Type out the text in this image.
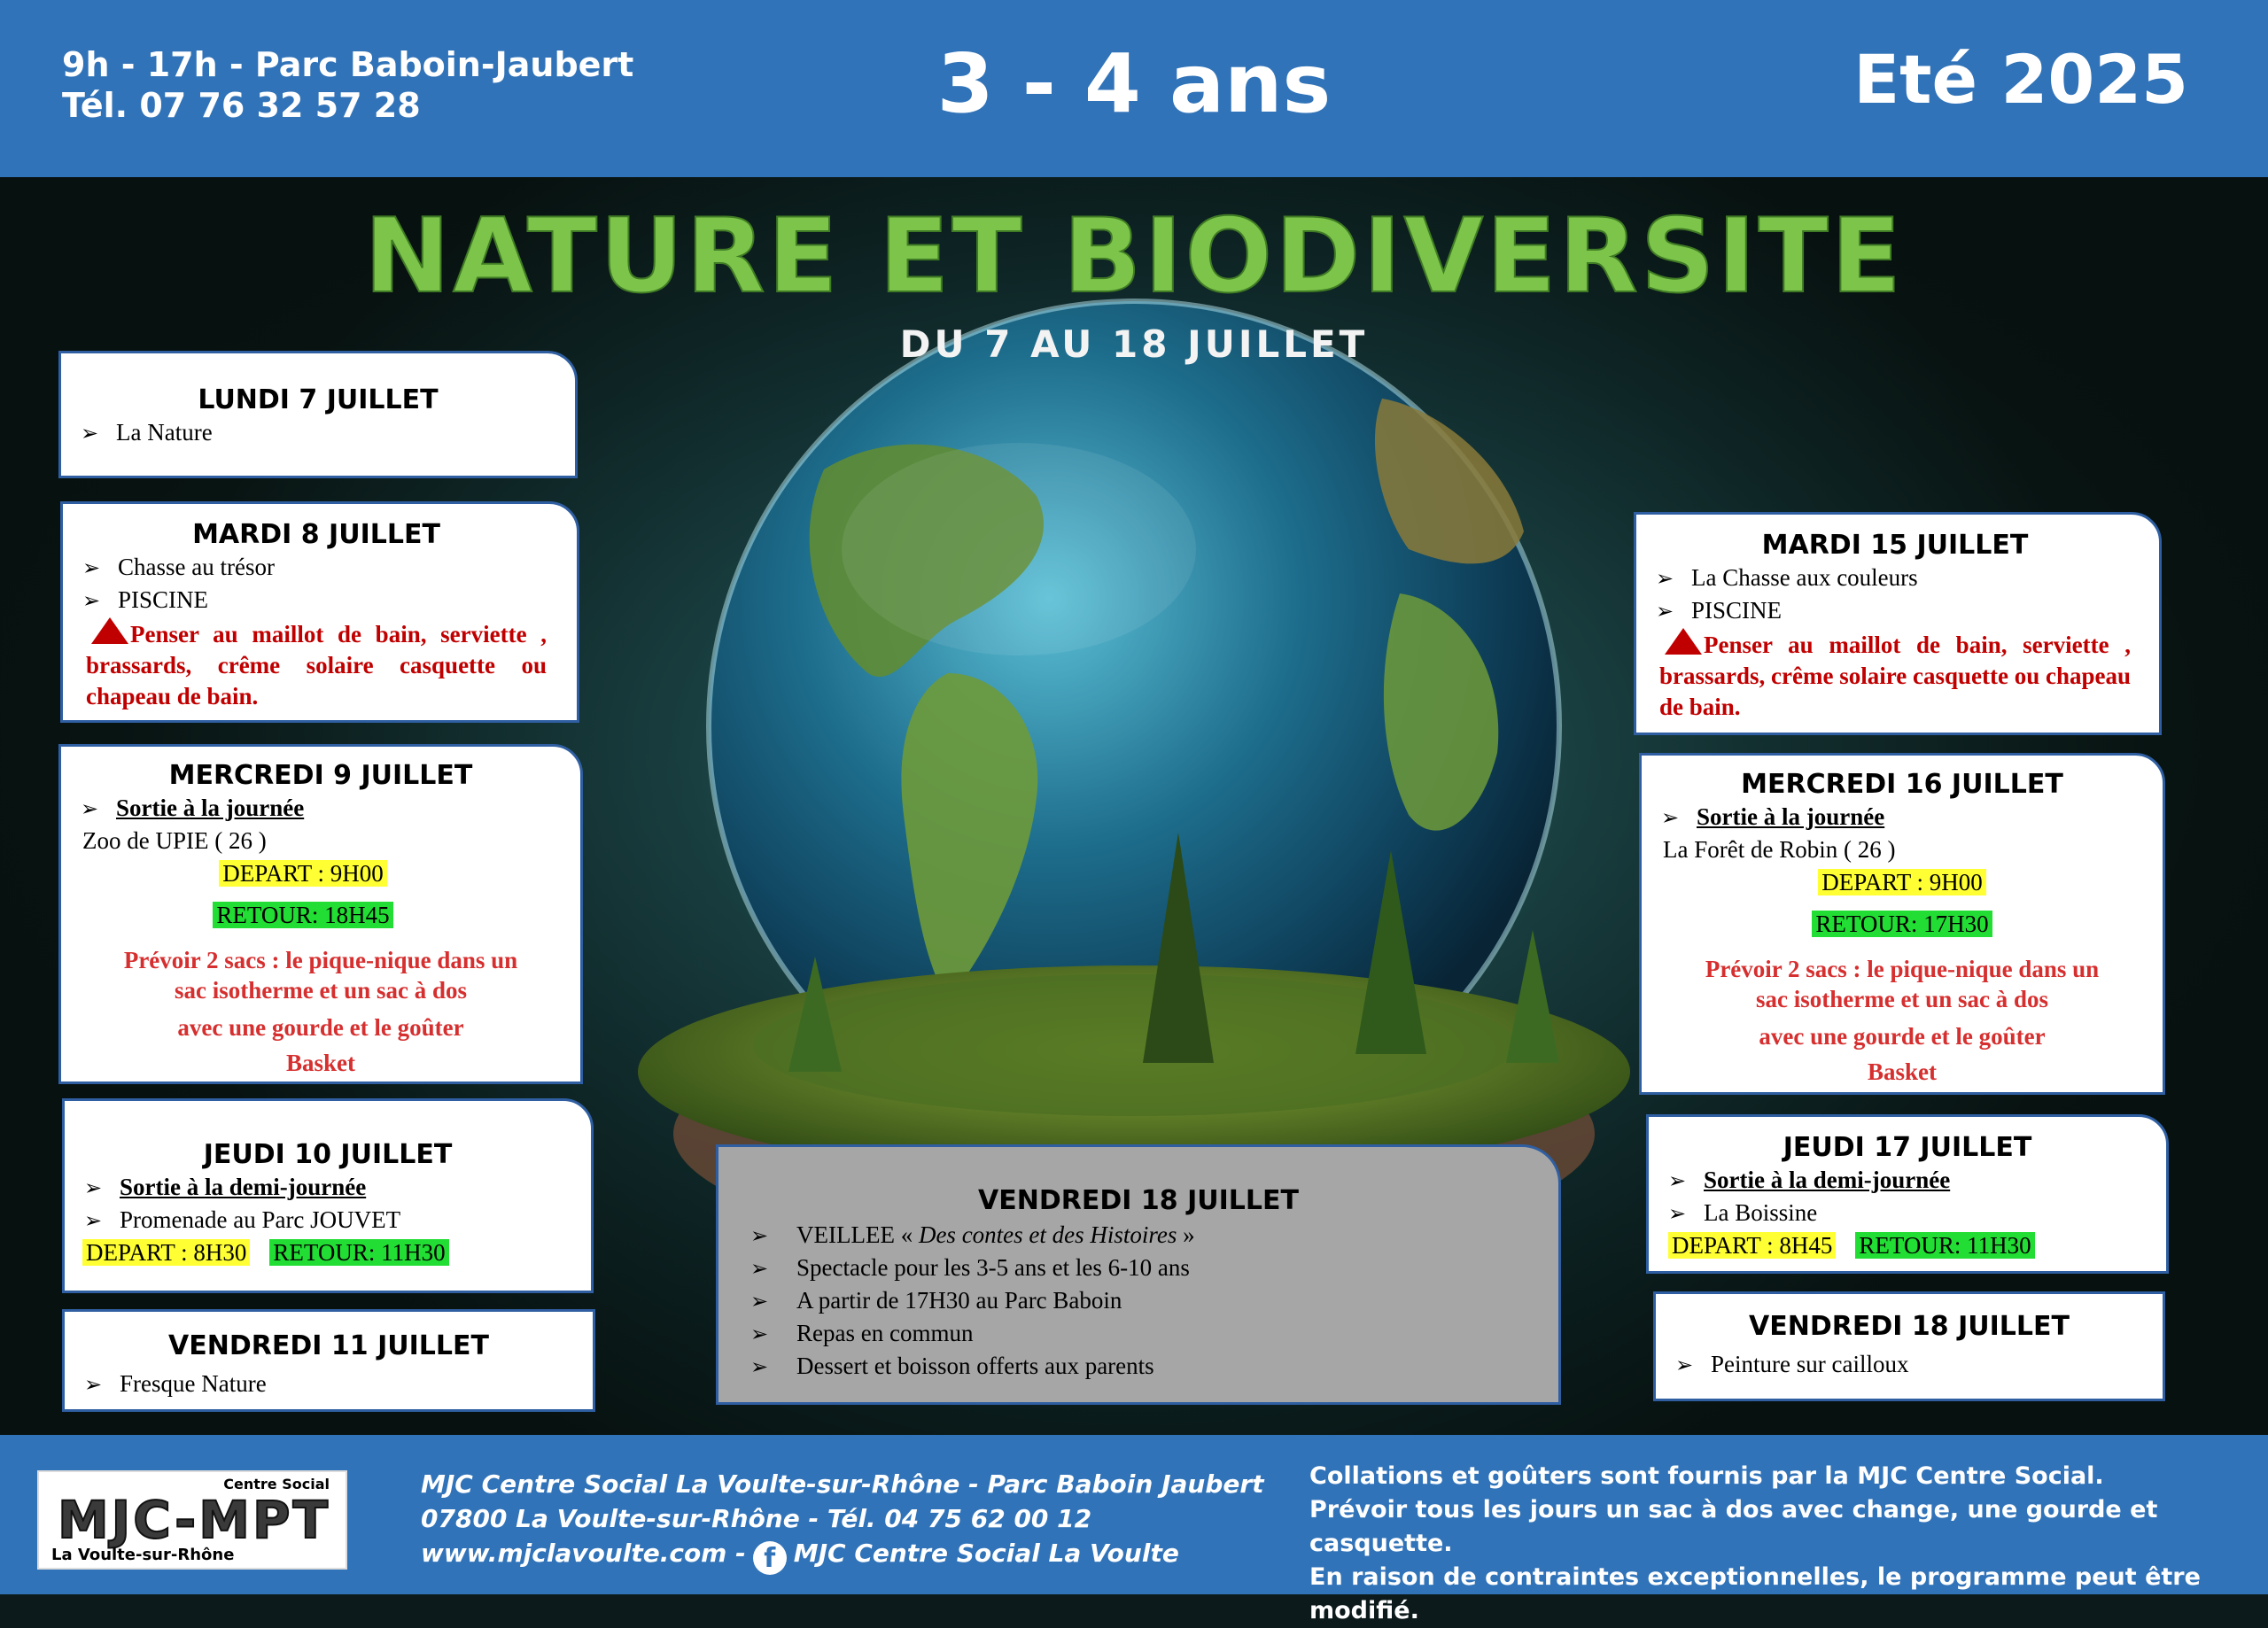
9h - 17h - Parc Baboin-Jaubert
Tél. 07 76 32 57 28	3 - 4 ans	Eté 2025
NATURE ET BIODIVERSITE
DU 7 AU 18 JUILLET
LUNDI 7 JUILLET
➢ La Nature
MARDI 8 JUILLET
➢ Chasse au trésor
➢ PISCINE
Penser au maillot de bain, serviette , brassards, crême solaire casquette ou chapeau de bain.
MERCREDI 9 JUILLET
➢ Sortie à la journée
Zoo de UPIE ( 26 )
DEPART : 9H00
RETOUR: 18H45
Prévoir 2 sacs : le pique-nique dans un
sac isotherme et un sac à dos
avec une gourde et le goûter
Basket
JEUDI 10 JUILLET
➢ Sortie à la demi-journée
➢ Promenade au Parc JOUVET
DEPART : 8H30 RETOUR: 11H30
VENDREDI 11 JUILLET
➢ Fresque Nature
VENDREDI 18 JUILLET
➢ VEILLEE « Des contes et des Histoires »
➢ Spectacle pour les 3-5 ans et les 6-10 ans
➢ A partir de 17H30 au Parc Baboin
➢ Repas en commun
➢ Dessert et boisson offerts aux parents
MARDI 15 JUILLET
➢ La Chasse aux couleurs
➢ PISCINE
Penser au maillot de bain, serviette , brassards, crême solaire casquette ou chapeau de bain.
MERCREDI 16 JUILLET
➢ Sortie à la journée
La Forêt de Robin ( 26 )
DEPART : 9H00
RETOUR: 17H30
Prévoir 2 sacs : le pique-nique dans un
sac isotherme et un sac à dos
avec une gourde et le goûter
Basket
JEUDI 17 JUILLET
➢ Sortie à la demi-journée
➢ La Boissine
DEPART : 8H45 RETOUR: 11H30
VENDREDI 18 JUILLET
➢ Peinture sur cailloux
Centre Social
MJC-MPT
La Voulte-sur-Rhône
MJC Centre Social La Voulte-sur-Rhône - Parc Baboin Jaubert
07800 La Voulte-sur-Rhône - Tél. 04 75 62 00 12
www.mjclavoulte.com - f MJC Centre Social La Voulte
Collations et goûters sont fournis par la MJC Centre Social.
Prévoir tous les jours un sac à dos avec change, une gourde et casquette.
En raison de contraintes exceptionnelles, le programme peut être modifié.
